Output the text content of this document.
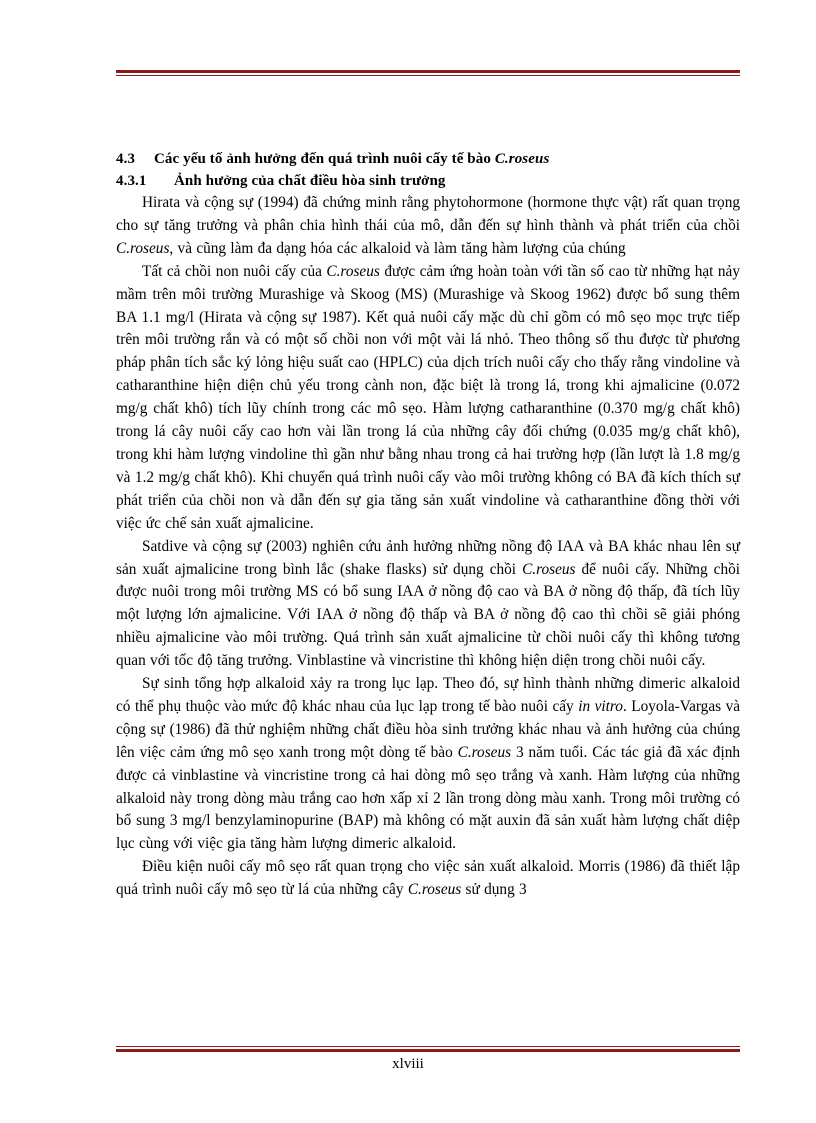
4.3 Các yếu tố ảnh hưởng đến quá trình nuôi cấy tế bào C.roseus

4.3.1 Ảnh hưởng của chất điều hòa sinh trưởng

Hirata và cộng sự (1994) đã chứng minh rằng phytohormone (hormone thực vật) rất quan trọng cho sự tăng trưởng và phân chia hình thái của mô, dẫn đến sự hình thành và phát triển của chồi C.roseus, và cũng làm đa dạng hóa các alkaloid và làm tăng hàm lượng của chúng

Tất cả chồi non nuôi cấy của C.roseus được cảm ứng hoàn toàn với tần số cao từ những hạt nảy mầm trên môi trường Murashige và Skoog (MS) (Murashige và Skoog 1962) được bổ sung thêm BA 1.1 mg/l (Hirata và cộng sự 1987). Kết quả nuôi cấy mặc dù chỉ gồm có mô sẹo mọc trực tiếp trên môi trường rắn và có một số chồi non với một vài lá nhỏ. Theo thông số thu được từ phương pháp phân tích sắc ký lỏng hiệu suất cao (HPLC) của dịch trích nuôi cấy cho thấy rằng vindoline và catharanthine hiện diện chủ yếu trong cành non, đặc biệt là trong lá, trong khi ajmalicine (0.072 mg/g chất khô) tích lũy chính trong các mô sẹo. Hàm lượng catharanthine (0.370 mg/g chất khô) trong lá cây nuôi cấy cao hơn vài lần trong lá của những cây đối chứng (0.035 mg/g chất khô), trong khi hàm lượng vindoline thì gần như bằng nhau trong cả hai trường hợp (lần lượt là 1.8 mg/g và 1.2 mg/g chất khô). Khi chuyển quá trình nuôi cấy vào môi trường không có BA đã kích thích sự phát triển của chồi non và dẫn đến sự gia tăng sản xuất vindoline và catharanthine đồng thời với việc ức chế sản xuất ajmalicine.

Satdive và cộng sự (2003) nghiên cứu ảnh hưởng những nồng độ IAA và BA khác nhau lên sự sản xuất ajmalicine trong bình lắc (shake flasks) sử dụng chồi C.roseus để nuôi cấy. Những chồi được nuôi trong môi trường MS có bổ sung IAA ở nồng độ cao và BA ở nồng độ thấp, đã tích lũy một lượng lớn ajmalicine. Với IAA ở nồng độ thấp và BA ở nồng độ cao thì chồi sẽ giải phóng nhiều ajmalicine vào môi trường. Quá trình sản xuất ajmalicine từ chồi nuôi cấy thì không tương quan với tốc độ tăng trưởng. Vinblastine và vincristine thì không hiện diện trong chồi nuôi cấy.

Sự sinh tổng hợp alkaloid xảy ra trong lục lạp. Theo đó, sự hình thành những dimeric alkaloid có thể phụ thuộc vào mức độ khác nhau của lục lạp trong tế bào nuôi cấy in vitro. Loyola-Vargas và cộng sự (1986) đã thử nghiệm những chất điều hòa sinh trưởng khác nhau và ảnh hưởng của chúng lên việc cảm ứng mô sẹo xanh trong một dòng tế bào C.roseus 3 năm tuổi. Các tác giả đã xác định được cả vinblastine và vincristine trong cả hai dòng mô sẹo trắng và xanh. Hàm lượng của những alkaloid này trong dòng màu trắng cao hơn xấp xỉ 2 lần trong dòng màu xanh. Trong môi trường có bổ sung 3 mg/l benzylaminopurine (BAP) mà không có mặt auxin đã sản xuất hàm lượng chất diệp lục cùng với việc gia tăng hàm lượng dimeric alkaloid.

Điều kiện nuôi cấy mô sẹo rất quan trọng cho việc sản xuất alkaloid. Morris (1986) đã thiết lập quá trình nuôi cấy mô sẹo từ lá của những cây C.roseus sử dụng 3

xlviii
